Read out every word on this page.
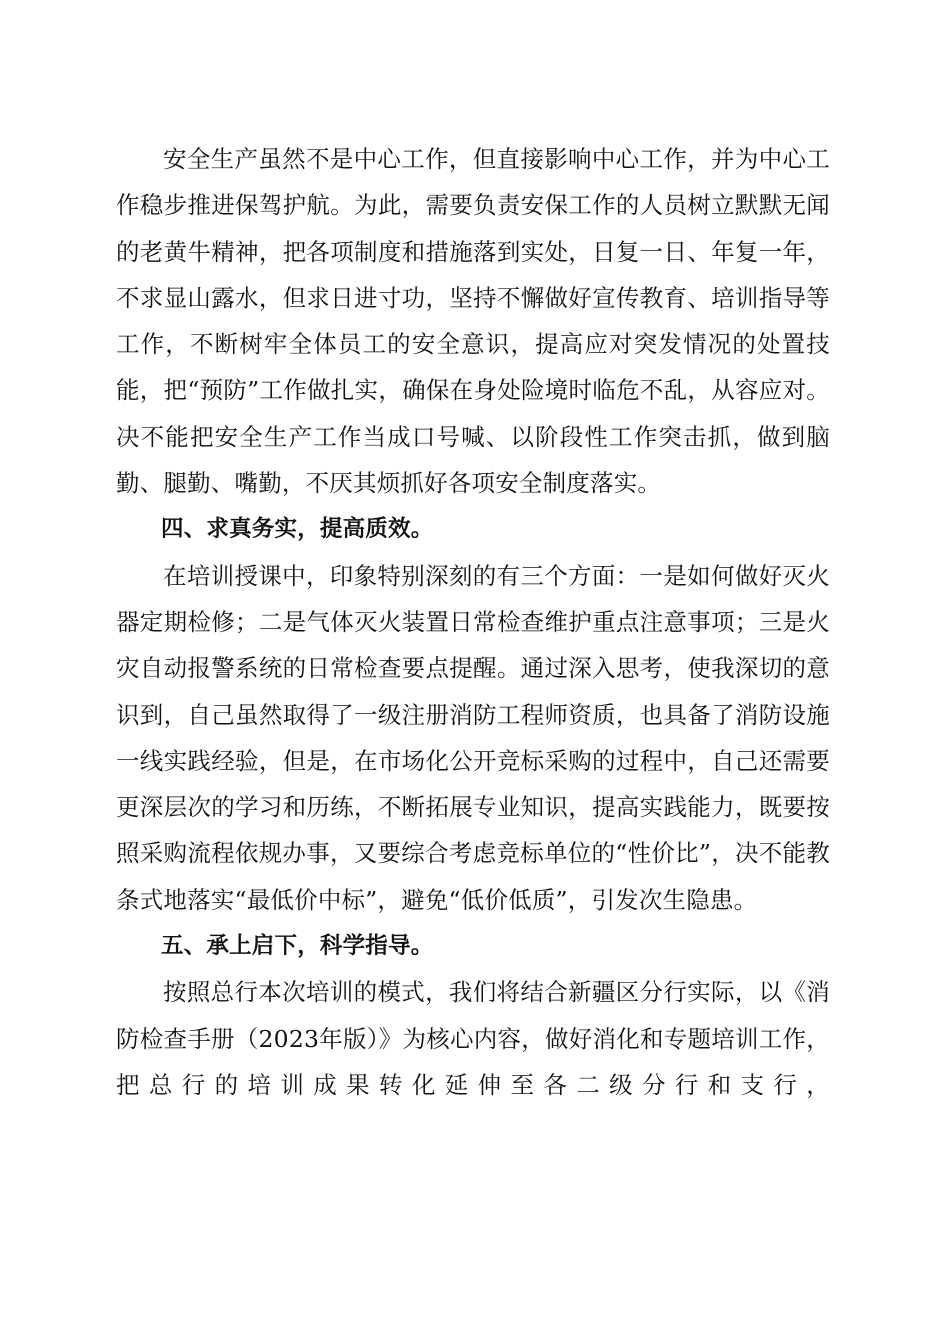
安全生产虽然不是中心工作，但直接影响中心工作，并为中心工作稳步推进保驾护航。为此，需要负责安保工作的人员树立默默无闻的老黄牛精神，把各项制度和措施落到实处，日复一日、年复一年，不求显山露水，但求日进寸功，坚持不懈做好宣传教育、培训指导等工作，不断树牢全体员工的安全意识，提高应对突发情况的处置技能，把“预防”工作做扎实，确保在身处险境时临危不乱，从容应对。决不能把安全生产工作当成口号喊、以阶段性工作突击抓，做到脑勤、腿勤、嘴勤，不厌其烦抓好各项安全制度落实。

四、求真务实，提高质效。

在培训授课中，印象特别深刻的有三个方面：一是如何做好灭火器定期检修；二是气体灭火装置日常检查维护重点注意事项；三是火灾自动报警系统的日常检查要点提醒。通过深入思考，使我深切的意识到，自己虽然取得了一级注册消防工程师资质，也具备了消防设施一线实践经验，但是，在市场化公开竞标采购的过程中，自己还需要更深层次的学习和历练，不断拓展专业知识，提高实践能力，既要按照采购流程依规办事，又要综合考虑竞标单位的“性价比”，决不能教条式地落实“最低价中标”，避免“低价低质”，引发次生隐患。

五、承上启下，科学指导。

按照总行本次培训的模式，我们将结合新疆区分行实际，以《消防检查手册（2023年版）》为核心内容，做好消化和专题培训工作，把总行的培训成果转化延伸至各二级分行和支行，
